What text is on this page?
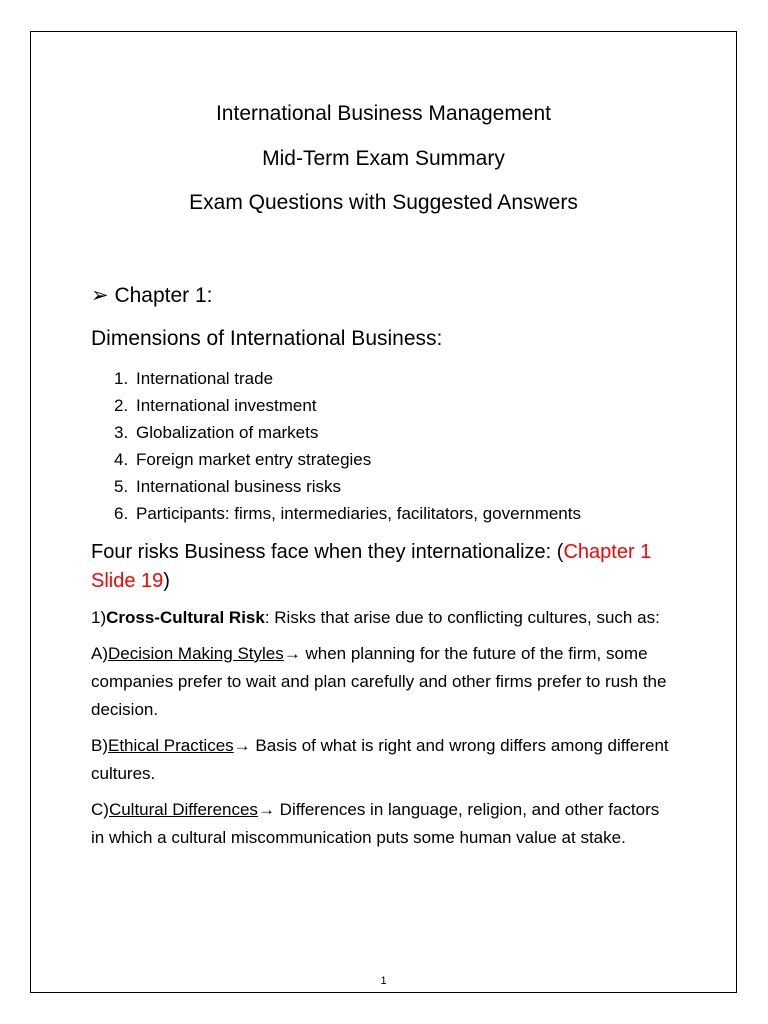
International Business Management
Mid-Term Exam Summary
Exam Questions with Suggested Answers
➢ Chapter 1:
Dimensions of International Business:
1. International trade
2. International investment
3. Globalization of markets
4. Foreign market entry strategies
5. International business risks
6. Participants: firms, intermediaries, facilitators, governments
Four risks Business face when they internationalize: (Chapter 1 Slide 19)
1)Cross-Cultural Risk: Risks that arise due to conflicting cultures, such as:
A)Decision Making Styles→ when planning for the future of the firm, some companies prefer to wait and plan carefully and other firms prefer to rush the decision.
B)Ethical Practices→ Basis of what is right and wrong differs among different cultures.
C)Cultural Differences→ Differences in language, religion, and other factors in which a cultural miscommunication puts some human value at stake.
1
